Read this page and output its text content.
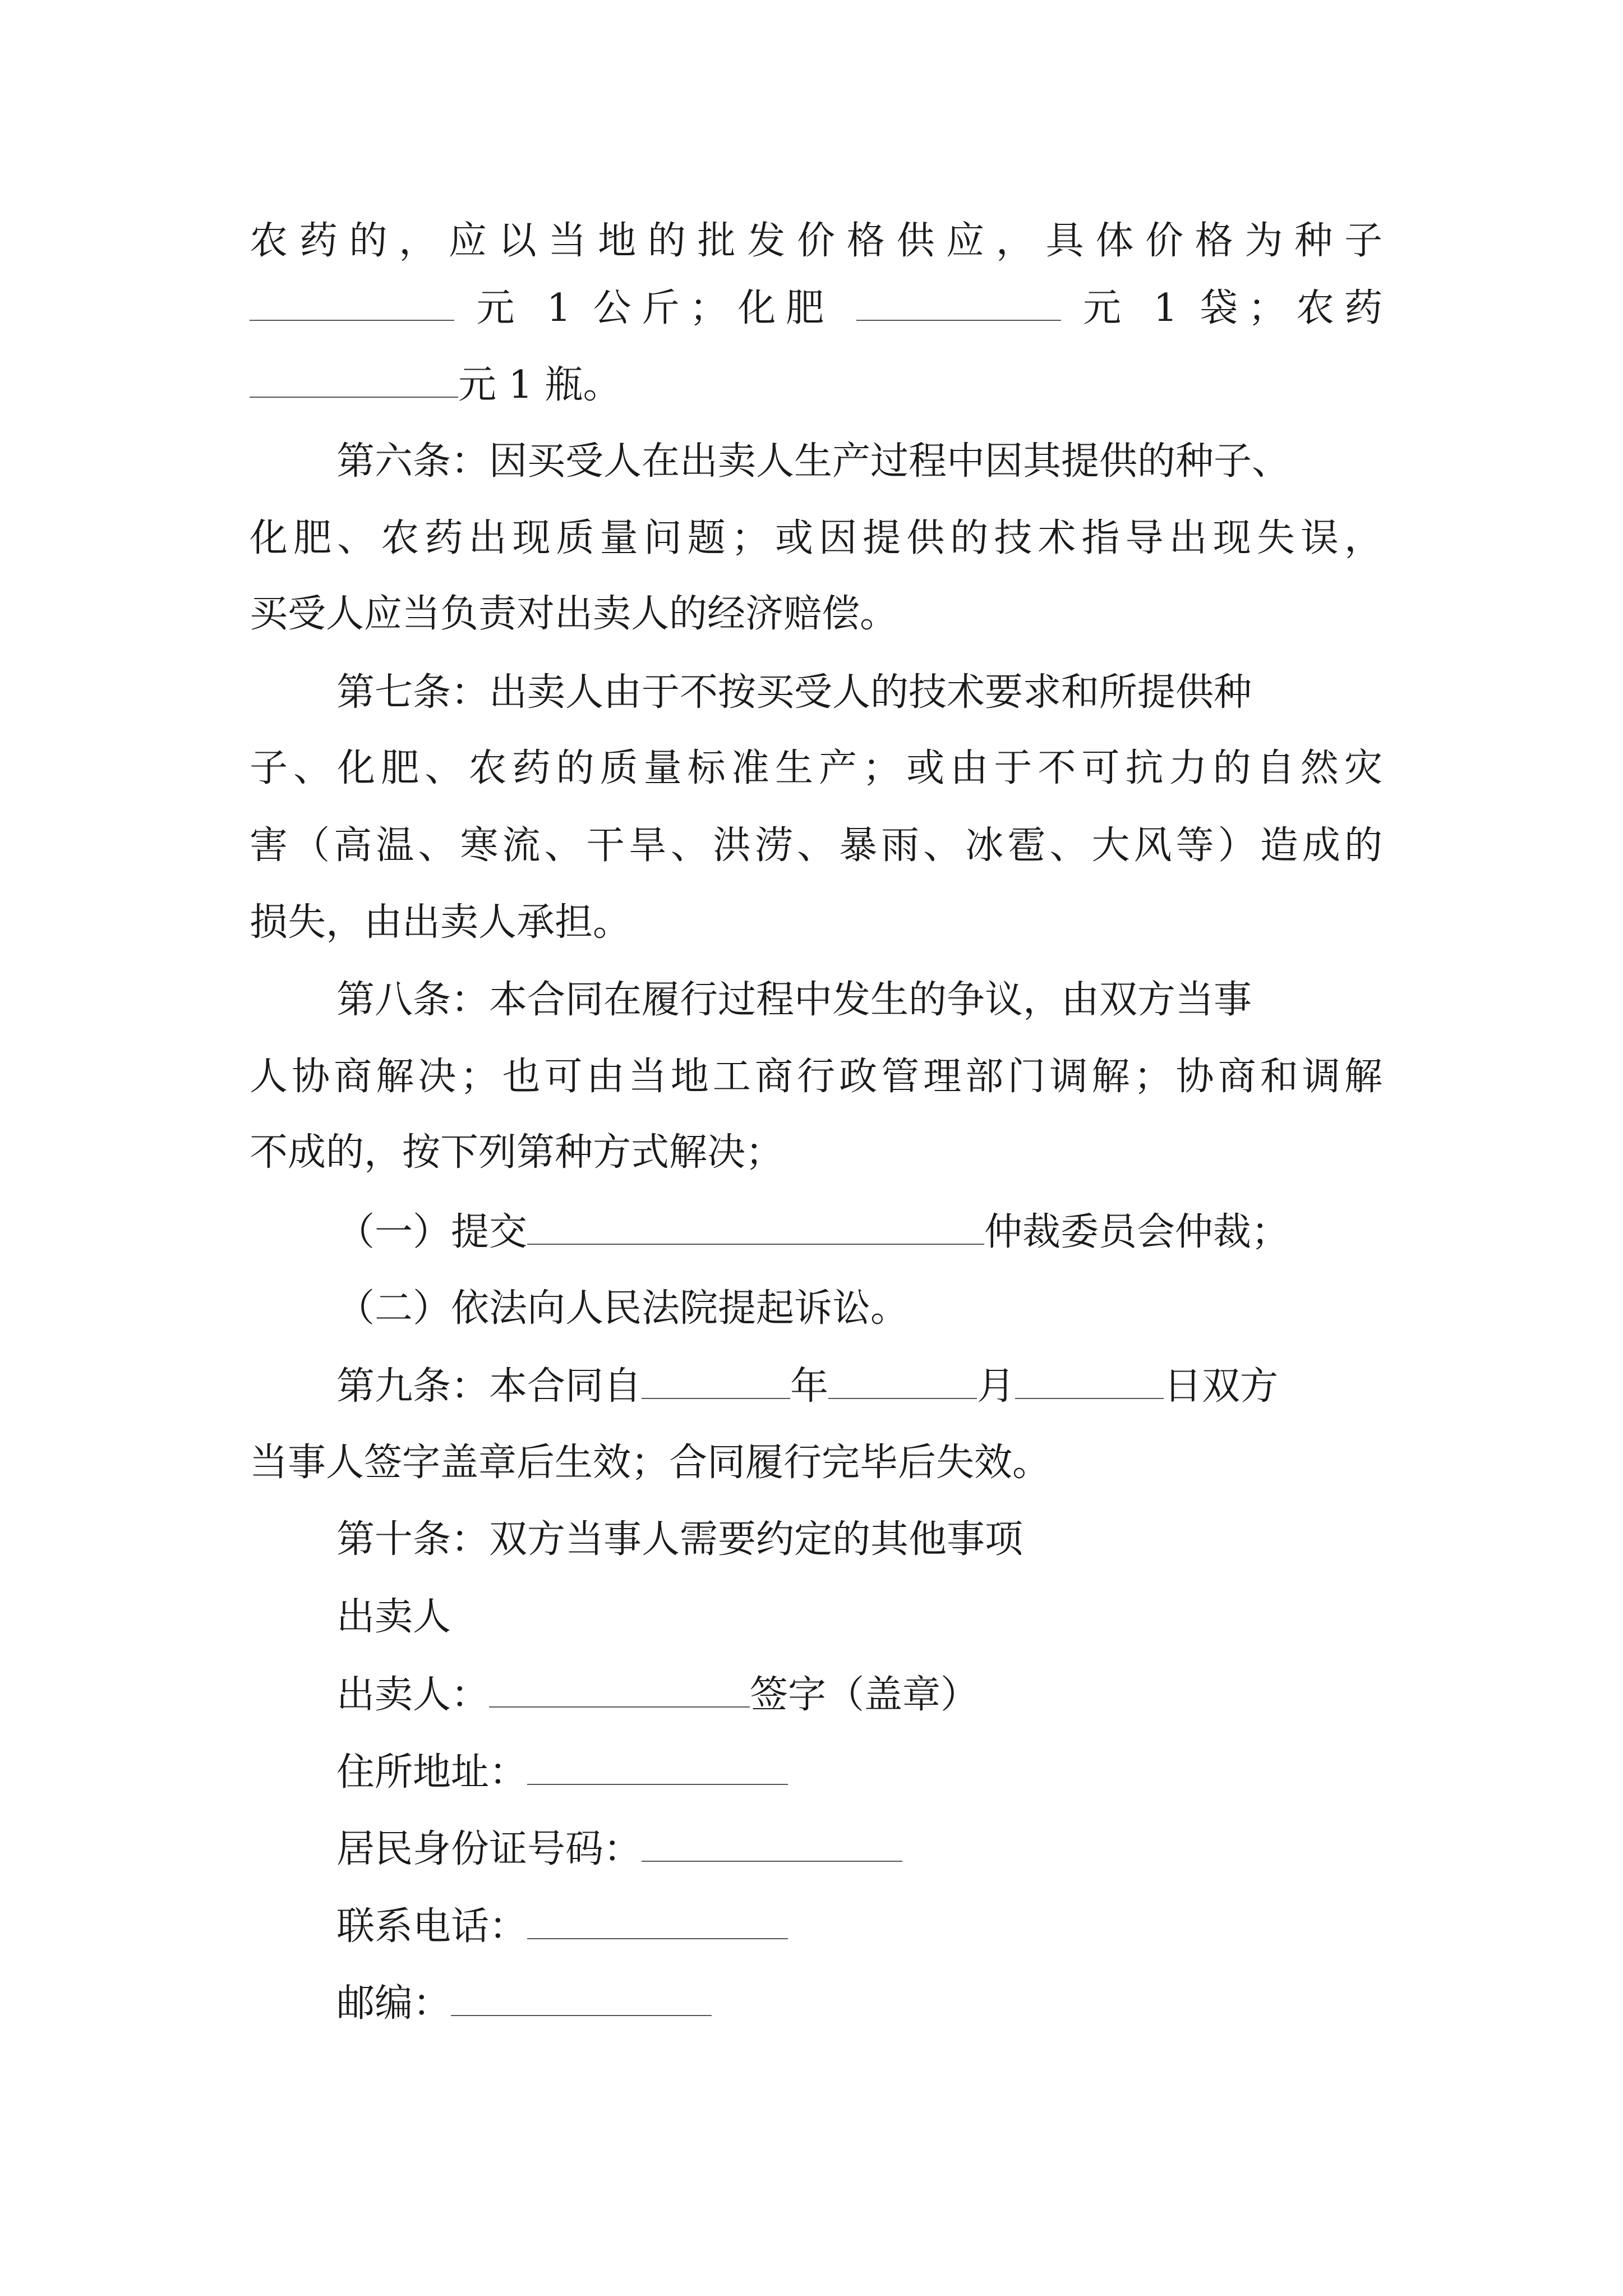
农药的，应以当地的批发价格供应，具体价格为种子
元 1 公斤；化肥	元 1 袋；农药
元 1 瓶。
第六条：因买受人在出卖人生产过程中因其提供的种子、
化肥、农药出现质量问题；或因提供的技术指导出现失误，
买受人应当负责对出卖人的经济赔偿。
第七条：出卖人由于不按买受人的技术要求和所提供种
子、化肥、农药的质量标准生产；或由于不可抗力的自然灾
害（高温、寒流、干旱、洪涝、暴雨、冰雹、大风等）造成的
损失，由出卖人承担。
第八条：本合同在履行过程中发生的争议，由双方当事
人协商解决；也可由当地工商行政管理部门调解；协商和调解
不成的，按下列第种方式解决；
（一）提交	仲裁委员会仲裁；
（二）依法向人民法院提起诉讼。
第九条：本合同自	年	月	日双方
当事人签字盖章后生效；合同履行完毕后失效。
第十条：双方当事人需要约定的其他事项
出卖人
出卖人：	签字（盖章）
住所地址：
居民身份证号码：
联系电话：
邮编：
